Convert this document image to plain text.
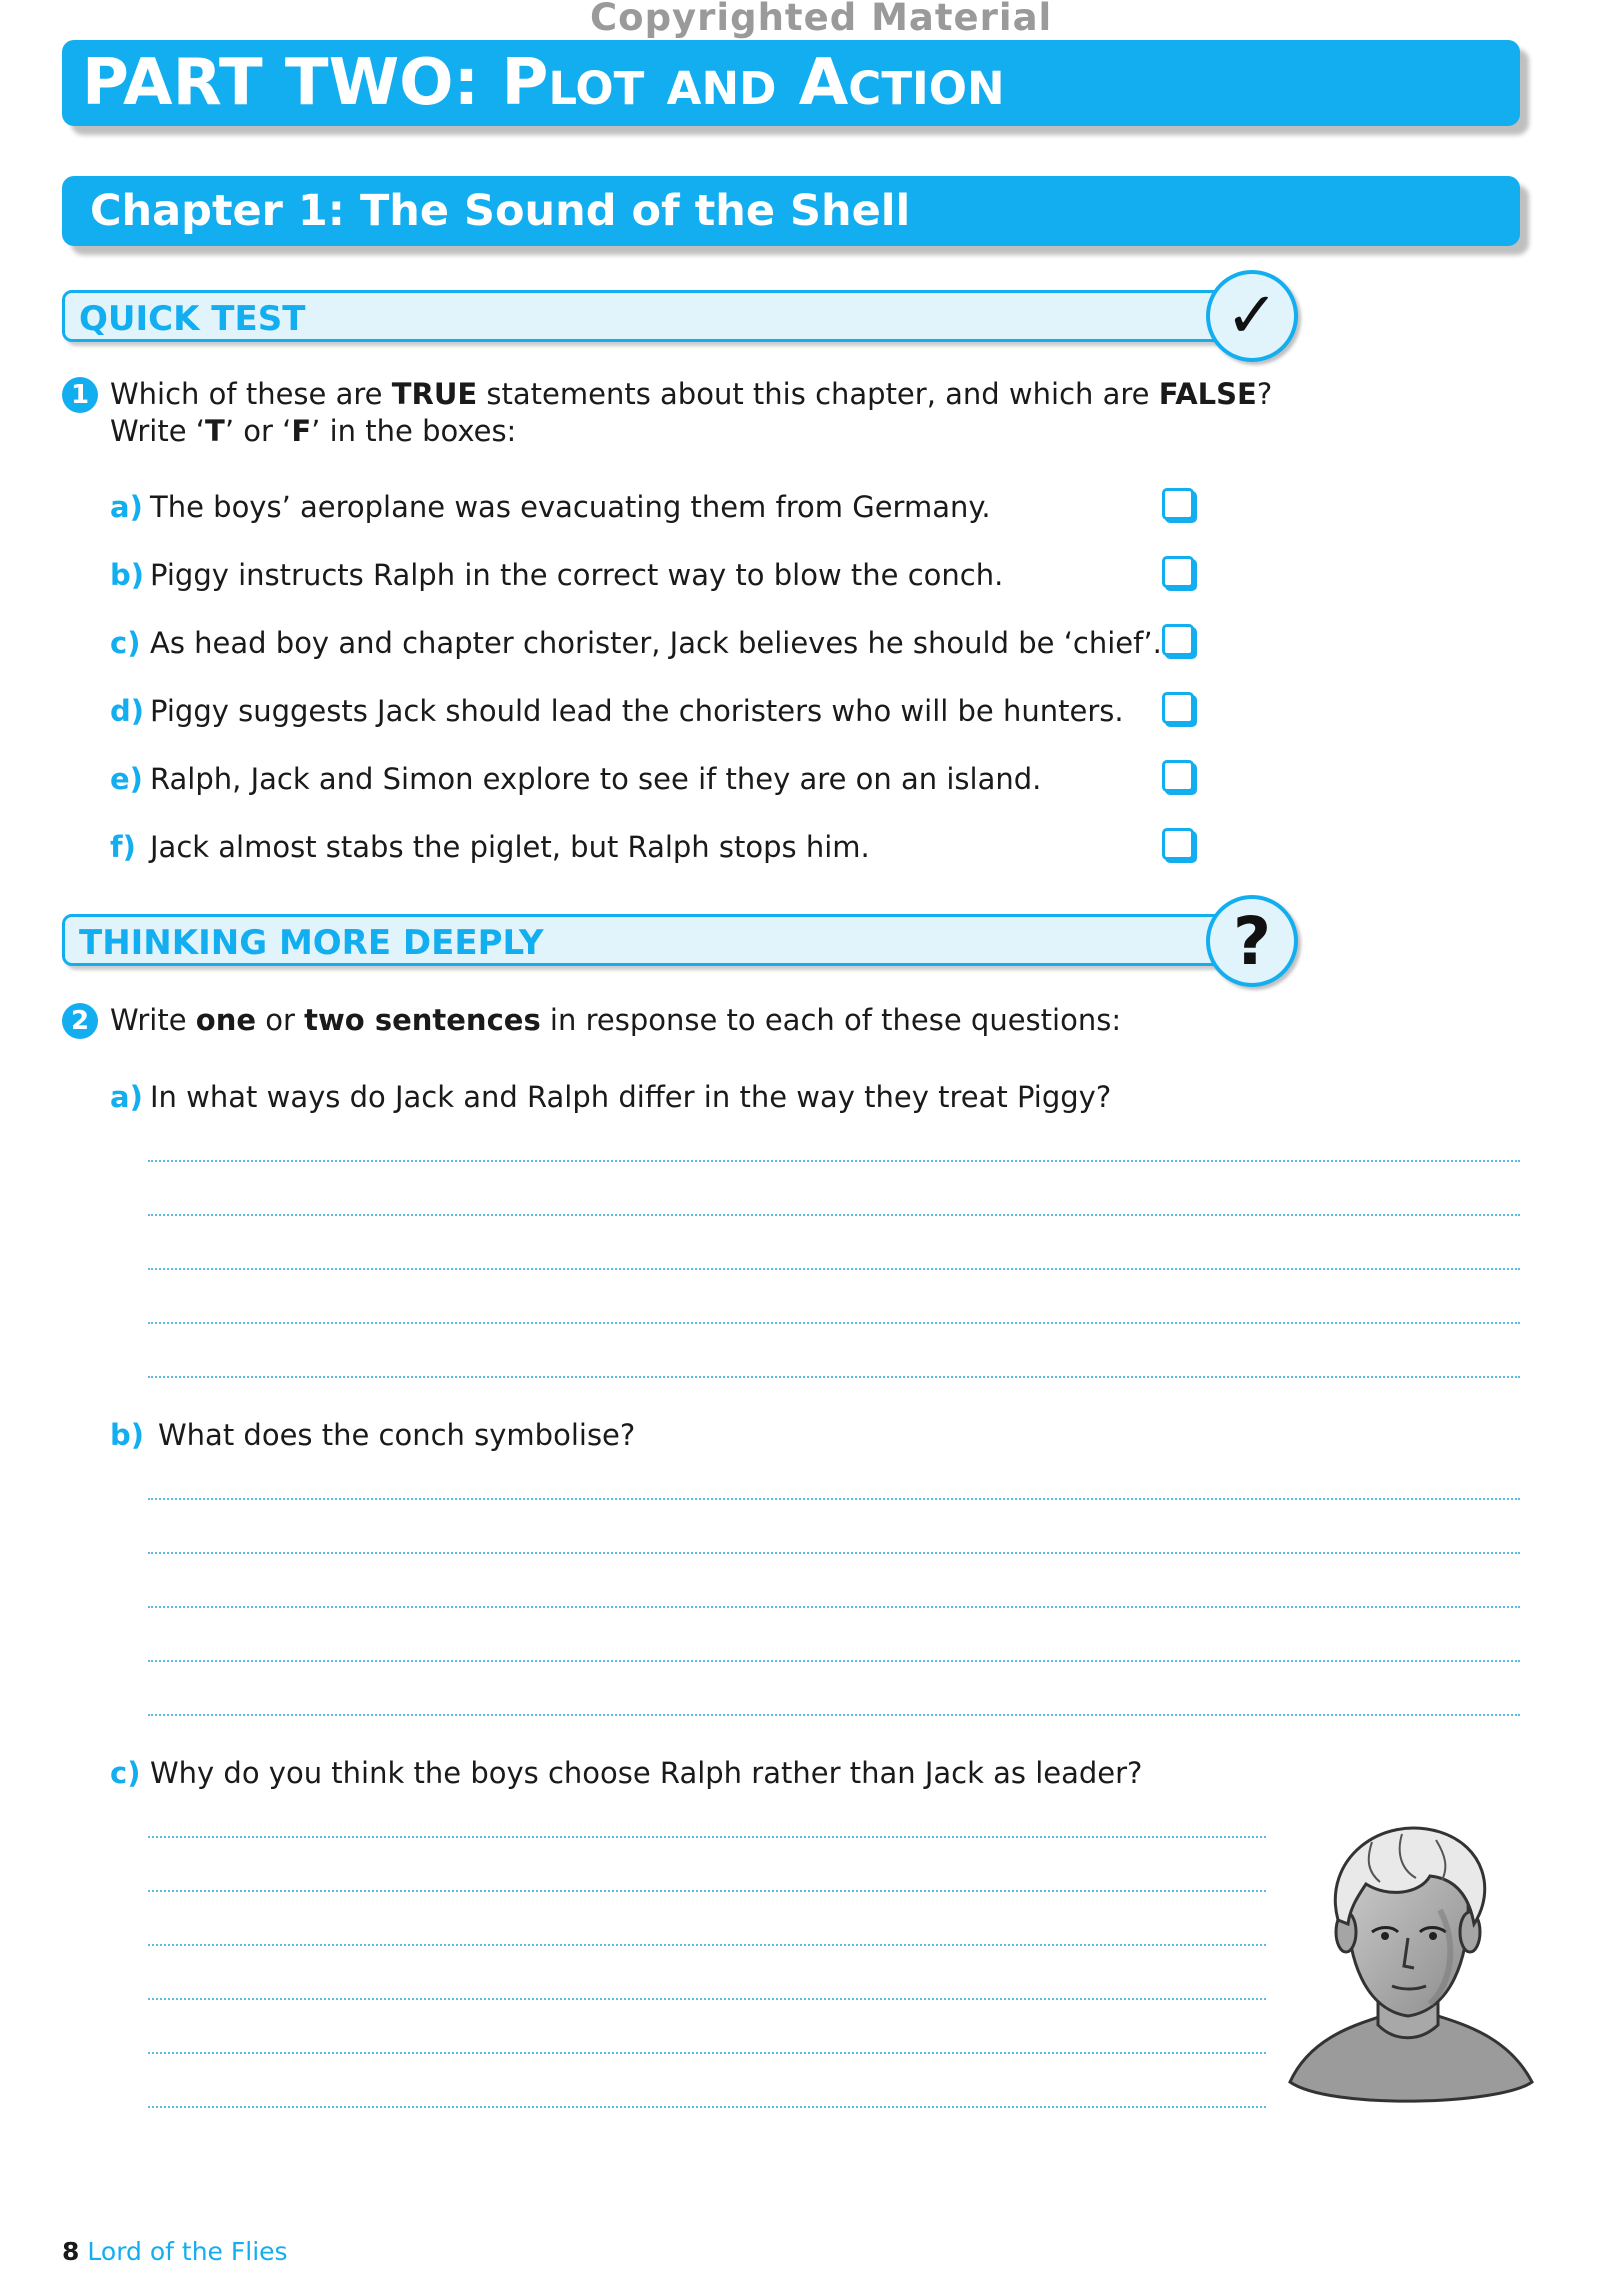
Copyrighted Material
PART TWO: Plot and Action
Chapter 1: The Sound of the Shell
QUICK TEST	✓
1 Which of these are TRUE statements about this chapter, and which are FALSE?
Write ‘T’ or ‘F’ in the boxes:
a) The boys’ aeroplane was evacuating them from Germany.
b) Piggy instructs Ralph in the correct way to blow the conch.
c) As head boy and chapter chorister, Jack believes he should be ‘chief’.
d) Piggy suggests Jack should lead the choristers who will be hunters.
e) Ralph, Jack and Simon explore to see if they are on an island.
f) Jack almost stabs the piglet, but Ralph stops him.
THINKING MORE DEEPLY	?
2 Write one or two sentences in response to each of these questions:
a) In what ways do Jack and Ralph differ in the way they treat Piggy?
b) What does the conch symbolise?
c) Why do you think the boys choose Ralph rather than Jack as leader?
8 Lord of the Flies
